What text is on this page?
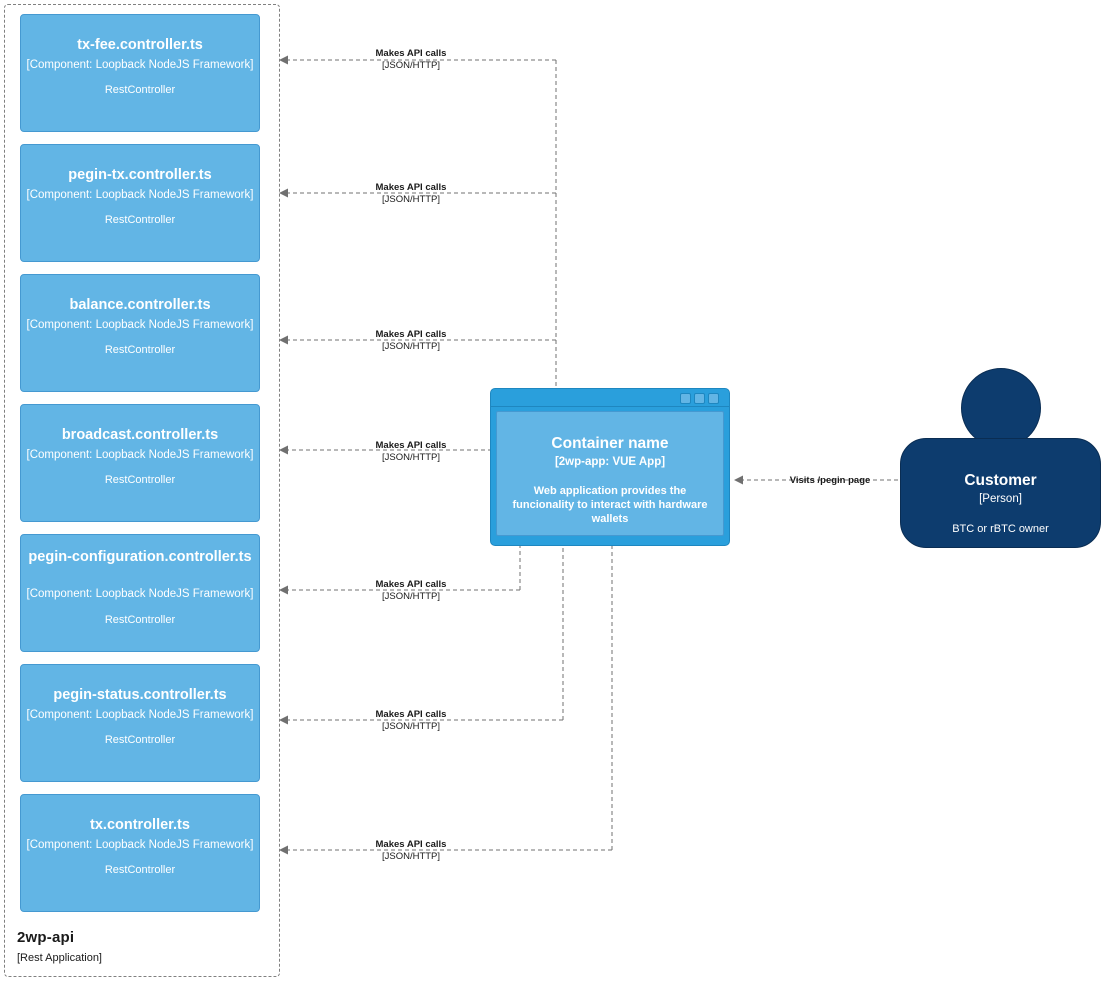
2wp-api
[Rest Application]
tx-fee.controller.ts
[Component: Loopback NodeJS Framework]
RestController
pegin-tx.controller.ts
[Component: Loopback NodeJS Framework]
RestController
balance.controller.ts
[Component: Loopback NodeJS Framework]
RestController
broadcast.controller.ts
[Component: Loopback NodeJS Framework]
RestController
pegin-configuration.controller.ts
[Component: Loopback NodeJS Framework]
RestController
pegin-status.controller.ts
[Component: Loopback NodeJS Framework]
RestController
tx.controller.ts
[Component: Loopback NodeJS Framework]
RestController
Container name
[2wp-app: VUE App]
Web application provides the funcionality to interact with hardware wallets
Customer
[Person]
BTC or rBTC owner
Makes API calls
[JSON/HTTP]
Makes API calls
[JSON/HTTP]
Makes API calls
[JSON/HTTP]
Makes API calls
[JSON/HTTP]
Makes API calls
[JSON/HTTP]
Makes API calls
[JSON/HTTP]
Makes API calls
[JSON/HTTP]
Visits /pegin page
